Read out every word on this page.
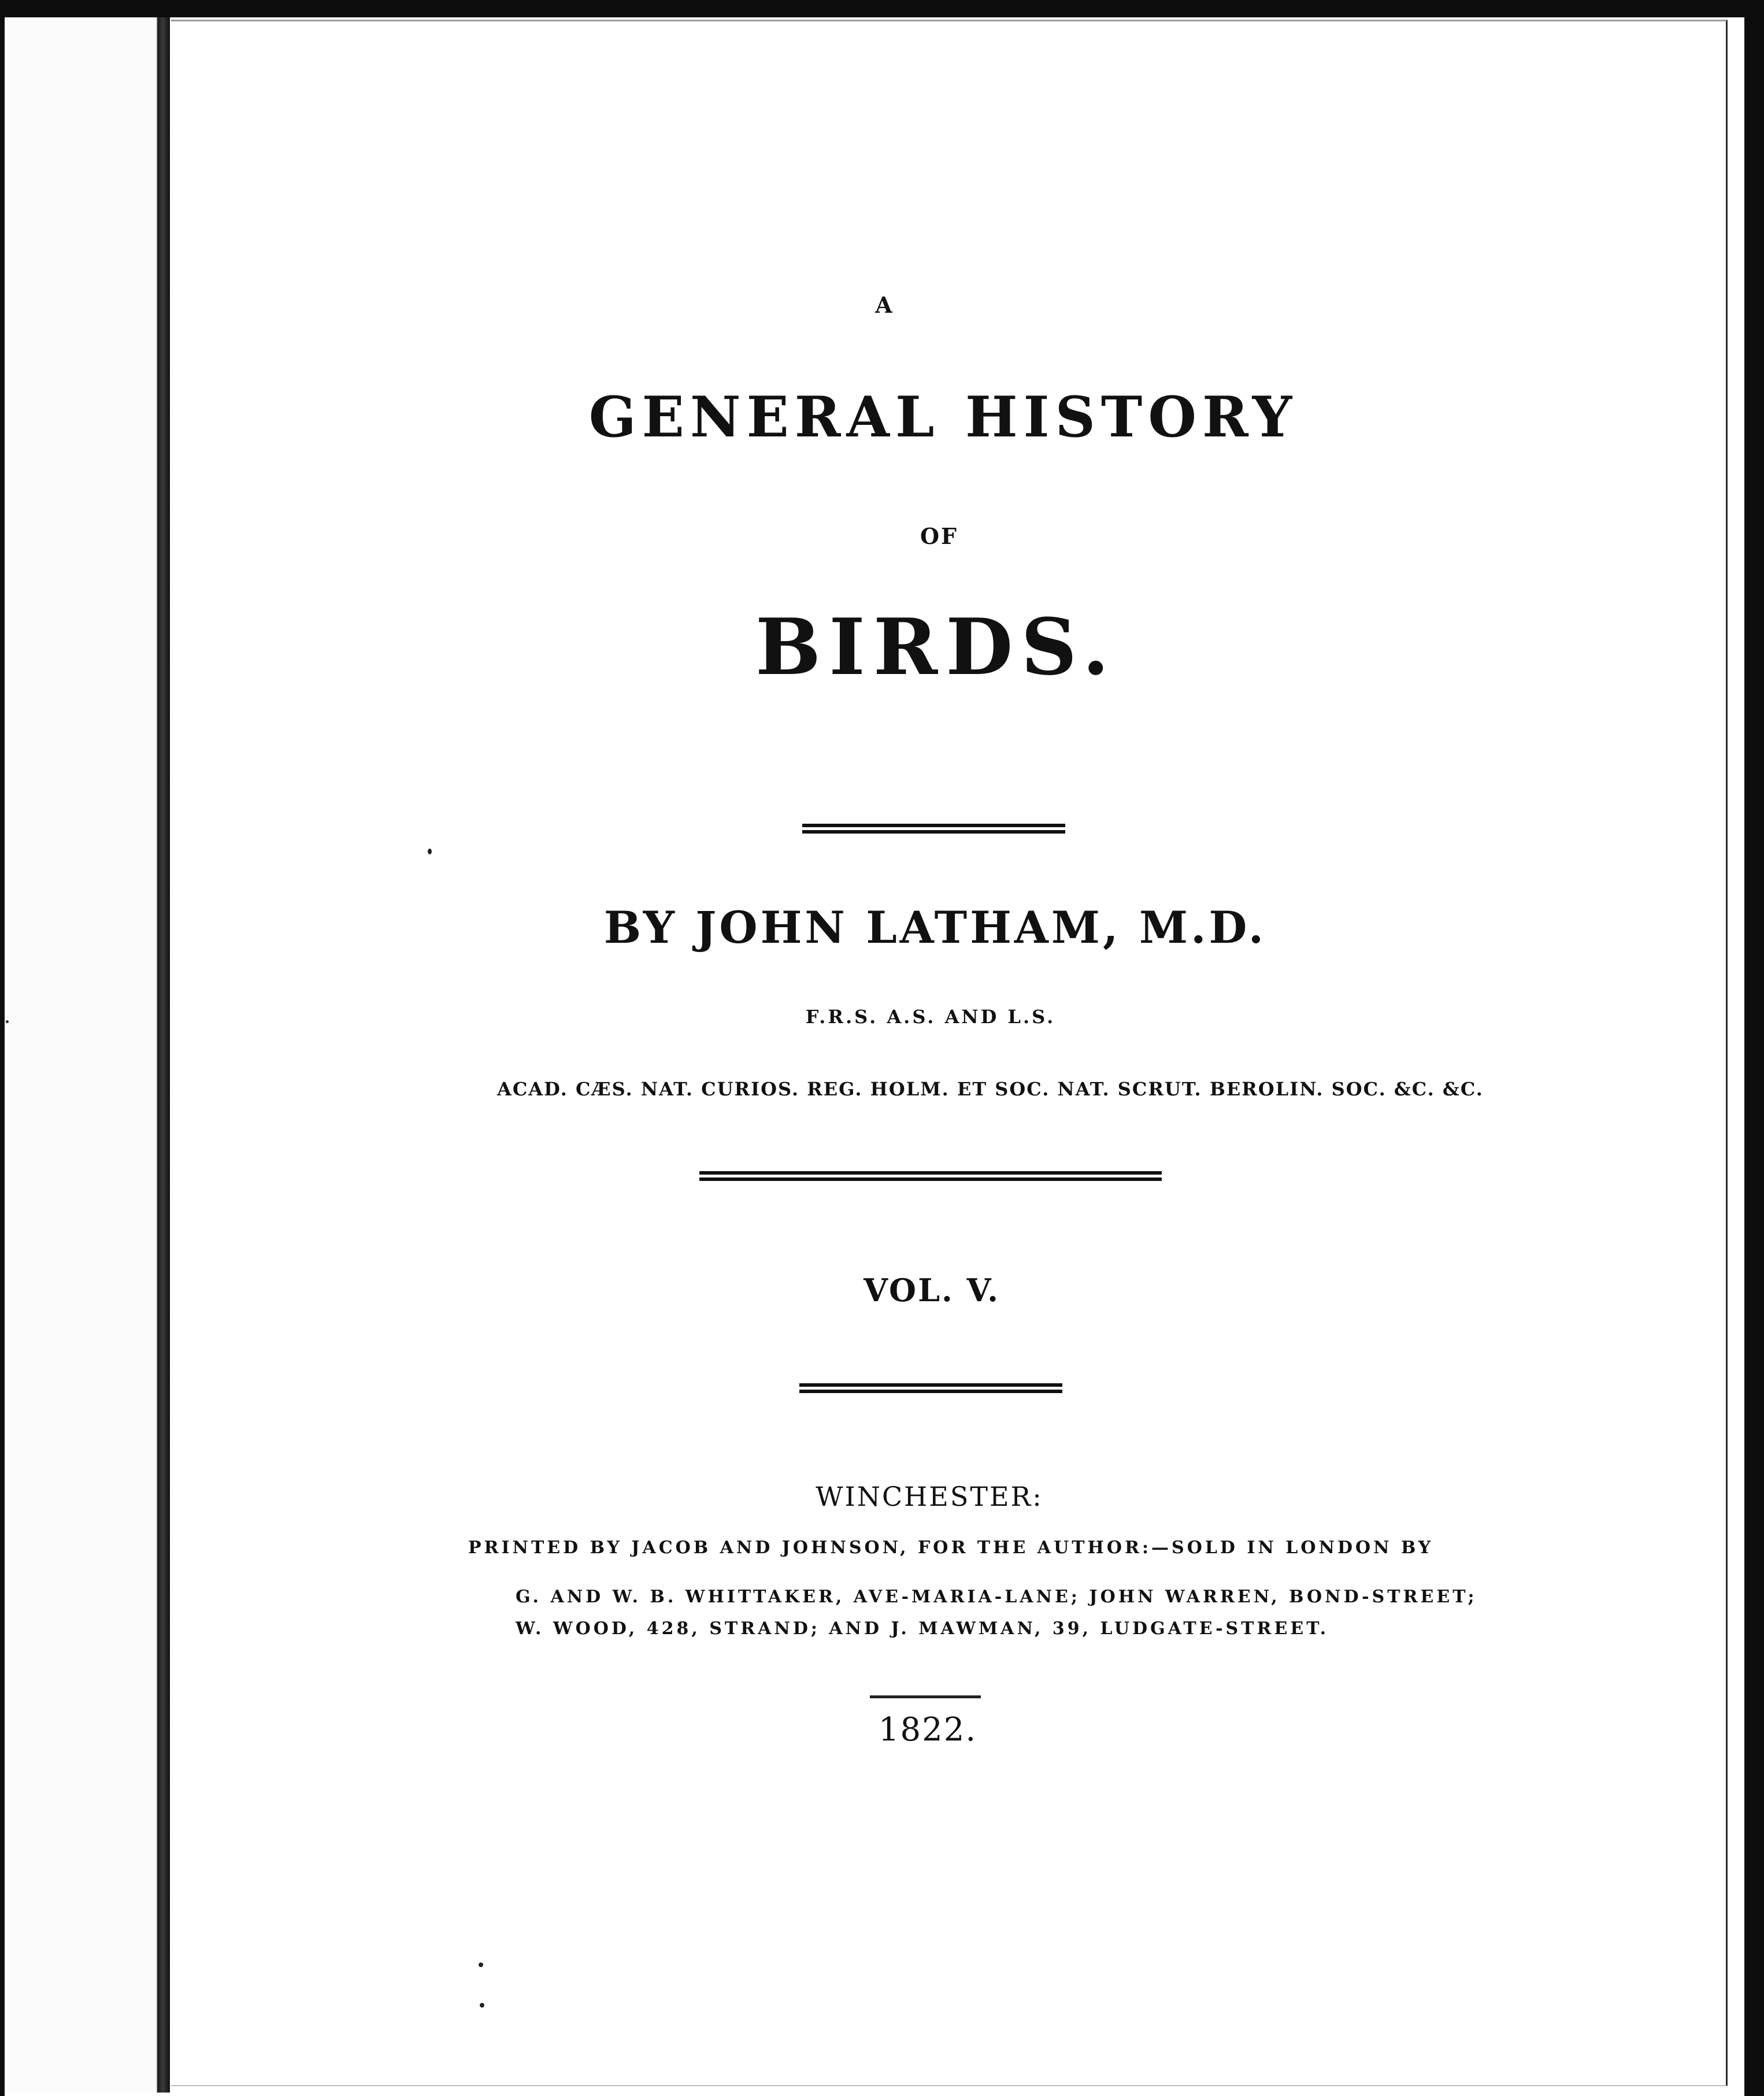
A
GENERAL HISTORY
OF
BIRDS.
BY JOHN LATHAM, M.D.
F.R.S. A.S. AND L.S.
ACAD. CÆS. NAT. CURIOS. REG. HOLM. ET SOC. NAT. SCRUT. BEROLIN. SOC. &C. &C.
VOL. V.
WINCHESTER:
PRINTED BY JACOB AND JOHNSON, FOR THE AUTHOR:—SOLD IN LONDON BY
G. AND W. B. WHITTAKER, AVE-MARIA-LANE; JOHN WARREN, BOND-STREET;
W. WOOD, 428, STRAND; AND J. MAWMAN, 39, LUDGATE-STREET.
1822.
